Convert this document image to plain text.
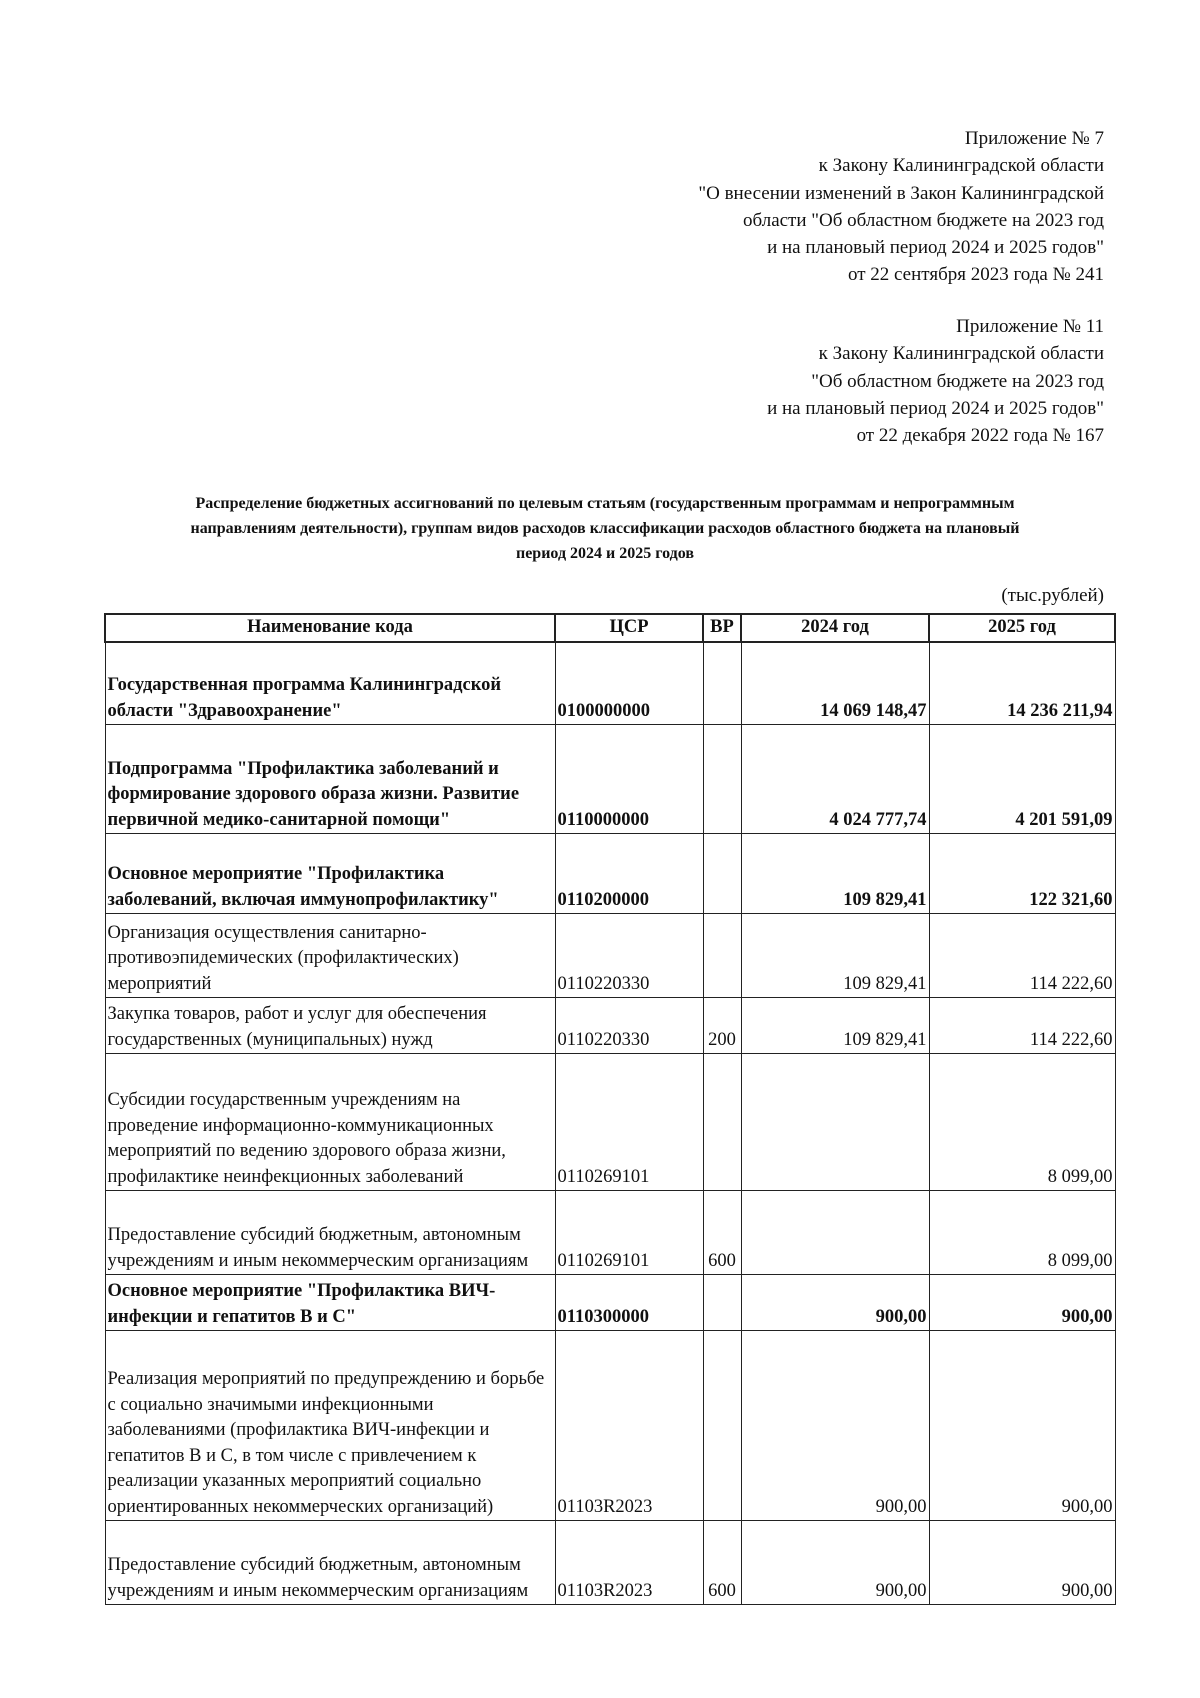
Приложение № 7
к Закону Калининградской области
"О внесении изменений в Закон Калининградской
области "Об областном бюджете на 2023 год
и на плановый период 2024 и 2025 годов"
от 22 сентября 2023 года № 241
Приложение № 11
к Закону Калининградской области
"Об областном бюджете на 2023 год
и на плановый период 2024 и 2025 годов"
от 22 декабря 2022 года № 167
Распределение бюджетных ассигнований по целевым статьям (государственным программам и непрограммным
направлениям деятельности), группам видов расходов классификации расходов областного бюджета на плановый
период 2024 и 2025 годов
(тыс.рублей)
Наименование кода	ЦСР	ВР	2024 год	2025 год
Государственная программа Калининградской области "Здравоохранение"	0100000000		14 069 148,47	14 236 211,94
Подпрограмма "Профилактика заболеваний и формирование здорового образа жизни. Развитие первичной медико-санитарной помощи"	0110000000		4 024 777,74	4 201 591,09
Основное мероприятие "Профилактика заболеваний, включая иммунопрофилактику"	0110200000		109 829,41	122 321,60
Организация осуществления санитарно-противоэпидемических (профилактических) мероприятий	0110220330		109 829,41	114 222,60
Закупка товаров, работ и услуг для обеспечения государственных (муниципальных) нужд	0110220330	200	109 829,41	114 222,60
Субсидии государственным учреждениям на проведение информационно-коммуникационных мероприятий по ведению здорового образа жизни, профилактике неинфекционных заболеваний	0110269101			8 099,00
Предоставление субсидий бюджетным, автономным учреждениям и иным некоммерческим организациям	0110269101	600		8 099,00
Основное мероприятие "Профилактика ВИЧ-инфекции и гепатитов В и С"	0110300000		900,00	900,00
Реализация мероприятий по предупреждению и борьбе с социально значимыми инфекционными заболеваниями (профилактика ВИЧ-инфекции и гепатитов В и С, в том числе с привлечением к реализации указанных мероприятий социально ориентированных некоммерческих организаций)	01103R2023		900,00	900,00
Предоставление субсидий бюджетным, автономным учреждениям и иным некоммерческим организациям	01103R2023	600	900,00	900,00
